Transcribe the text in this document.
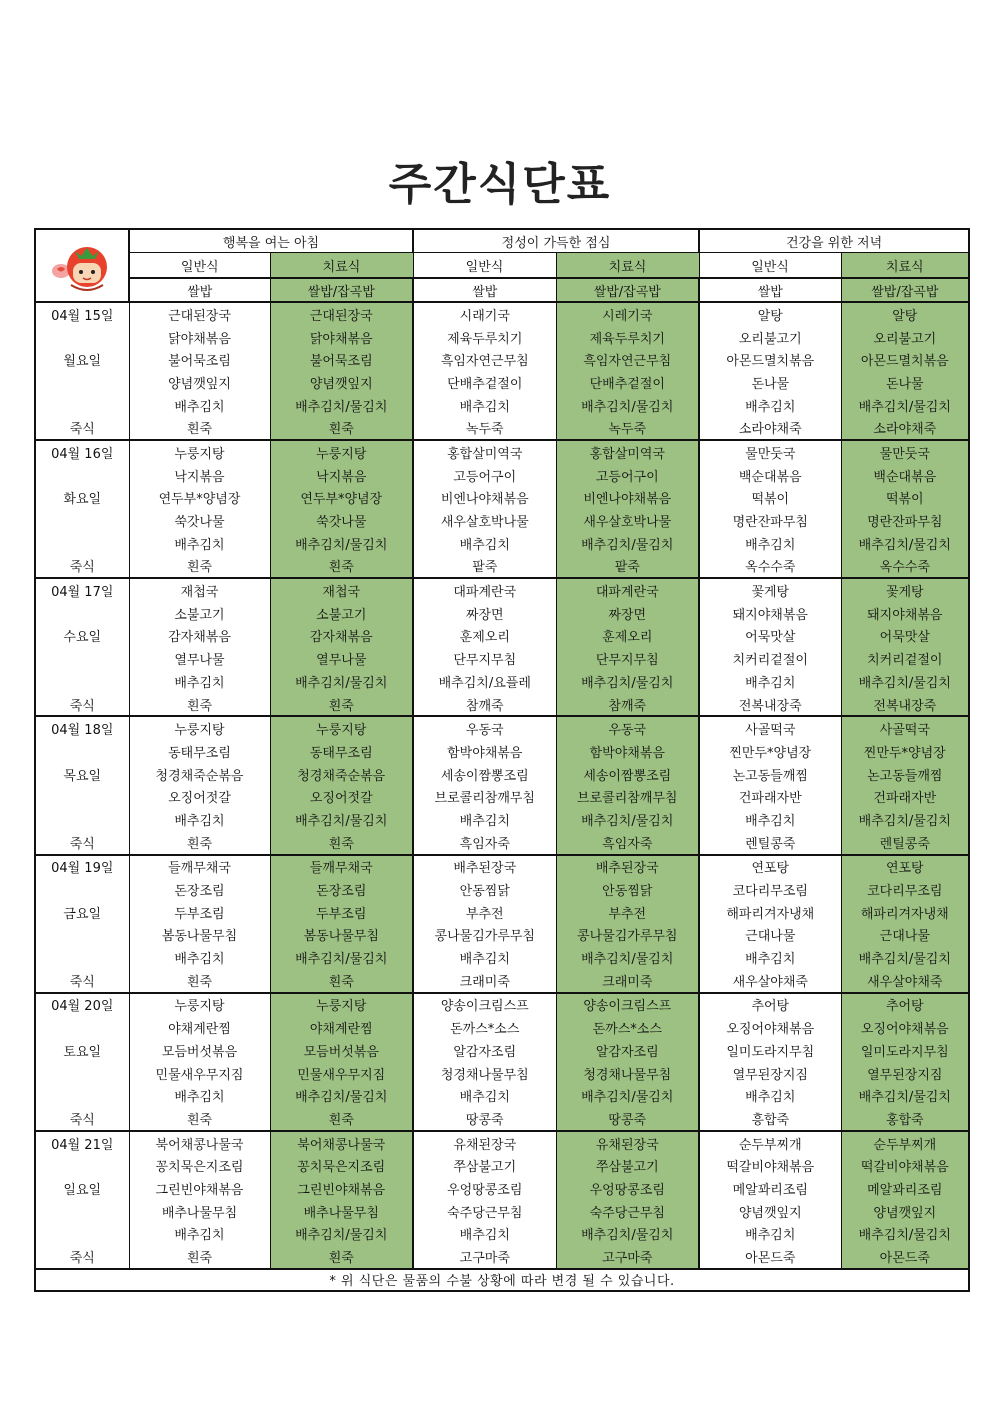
주간식단표
	행복을 여는 아침		정성이 가득한 점심		건강을 위한 저녁	
	일반식	치료식	일반식	치료식	일반식	치료식
	쌀밥	쌀밥/잡곡밥	쌀밥	쌀밥/잡곡밥	쌀밥	쌀밥/잡곡밥
04월 15일	근대된장국	근대된장국	시래기국	시레기국	알탕	알탕
	닭야채볶음	닭야채볶음	제육두루치기	제육두루치기	오리불고기	오리불고기
월요일	불어묵조림	불어묵조림	흑임자연근무침	흑임자연근무침	아몬드멸치볶음	아몬드멸치볶음
	양념깻잎지	양념깻잎지	단배추겉절이	단배추겉절이	돈나물	돈나물
	배추김치	배추김치/물김치	배추김치	배추김치/물김치	배추김치	배추김치/물김치
죽식	흰죽	흰죽	녹두죽	녹두죽	소라야채죽	소라야채죽
04월 16일	누룽지탕	누룽지탕	홍합살미역국	홍합살미역국	물만둣국	물만둣국
	낙지볶음	낙지볶음	고등어구이	고등어구이	백순대볶음	백순대볶음
화요일	연두부*양념장	연두부*양념장	비엔나야채볶음	비엔나야채볶음	떡볶이	떡볶이
	쑥갓나물	쑥갓나물	새우살호박나물	새우살호박나물	명란잔파무침	명란잔파무침
	배추김치	배추김치/물김치	배추김치	배추김치/물김치	배추김치	배추김치/물김치
죽식	흰죽	흰죽	팥죽	팥죽	옥수수죽	옥수수죽
04월 17일	재첩국	재첩국	대파계란국	대파계란국	꽃게탕	꽃게탕
	소불고기	소불고기	짜장면	짜장면	돼지야채볶음	돼지야채볶음
수요일	감자채볶음	감자채볶음	훈제오리	훈제오리	어묵맛살	어묵맛살
	열무나물	열무나물	단무지무침	단무지무침	치커리겉절이	치커리겉절이
	배추김치	배추김치/물김치	배추김치/요플레	배추김치/물김치	배추김치	배추김치/물김치
죽식	흰죽	흰죽	참깨죽	참깨죽	전복내장죽	전복내장죽
04월 18일	누룽지탕	누룽지탕	우동국	우동국	사골떡국	사골떡국
	동태무조림	동태무조림	함박야채볶음	함박야채볶음	찐만두*양념장	찐만두*양념장
목요일	청경채죽순볶음	청경채죽순볶음	세송이짬뽕조림	세송이짬뽕조림	논고동들깨찜	논고동들깨찜
	오징어젓갈	오징어젓갈	브로콜리참깨무침	브로콜리참깨무침	건파래자반	건파래자반
	배추김치	배추김치/물김치	배추김치	배추김치/물김치	배추김치	배추김치/물김치
죽식	흰죽	흰죽	흑임자죽	흑임자죽	렌틸콩죽	렌틸콩죽
04월 19일	들깨무채국	들깨무채국	배추된장국	배추된장국	연포탕	연포탕
	돈장조림	돈장조림	안동찜닭	안동찜닭	코다리무조림	코다리무조림
금요일	두부조림	두부조림	부추전	부추전	해파리겨자냉채	해파리겨자냉채
	봄동나물무침	봄동나물무침	콩나물김가루무침	콩나물김가루무침	근대나물	근대나물
	배추김치	배추김치/물김치	배추김치	배추김치/물김치	배추김치	배추김치/물김치
죽식	흰죽	흰죽	크래미죽	크래미죽	새우살야채죽	새우살야채죽
04월 20일	누룽지탕	누룽지탕	양송이크림스프	양송이크림스프	추어탕	추어탕
	야채계란찜	야채계란찜	돈까스*소스	돈까스*소스	오징어야채볶음	오징어야채볶음
토요일	모듬버섯볶음	모듬버섯볶음	알감자조림	알감자조림	일미도라지무침	일미도라지무침
	민물새우무지짐	민물새우무지짐	청경채나물무침	청경채나물무침	열무된장지짐	열무된장지짐
	배추김치	배추김치/물김치	배추김치	배추김치/물김치	배추김치	배추김치/물김치
죽식	흰죽	흰죽	땅콩죽	땅콩죽	흥합죽	홍합죽
04월 21일	북어채콩나물국	북어채콩나물국	유채된장국	유채된장국	순두부찌개	순두부찌개
	꽁치묵은지조림	꽁치묵은지조림	쭈삼불고기	쭈삼불고기	떡갈비야채볶음	떡갈비야채볶음
일요일	그린빈야채볶음	그린빈야채볶음	우엉땅콩조림	우엉땅콩조림	메알꽈리조림	메알꽈리조림
	배추나물무침	배추나물무침	숙주당근무침	숙주당근무침	양념깻잎지	양념깻잎지
	배추김치	배추김치/물김치	배추김치	배추김치/물김치	배추김치	배추김치/물김치
죽식	흰죽	흰죽	고구마죽	고구마죽	아몬드죽	아몬드죽
* 위 식단은 물품의 수불 상황에 따라 변경 될 수 있습니다.						
